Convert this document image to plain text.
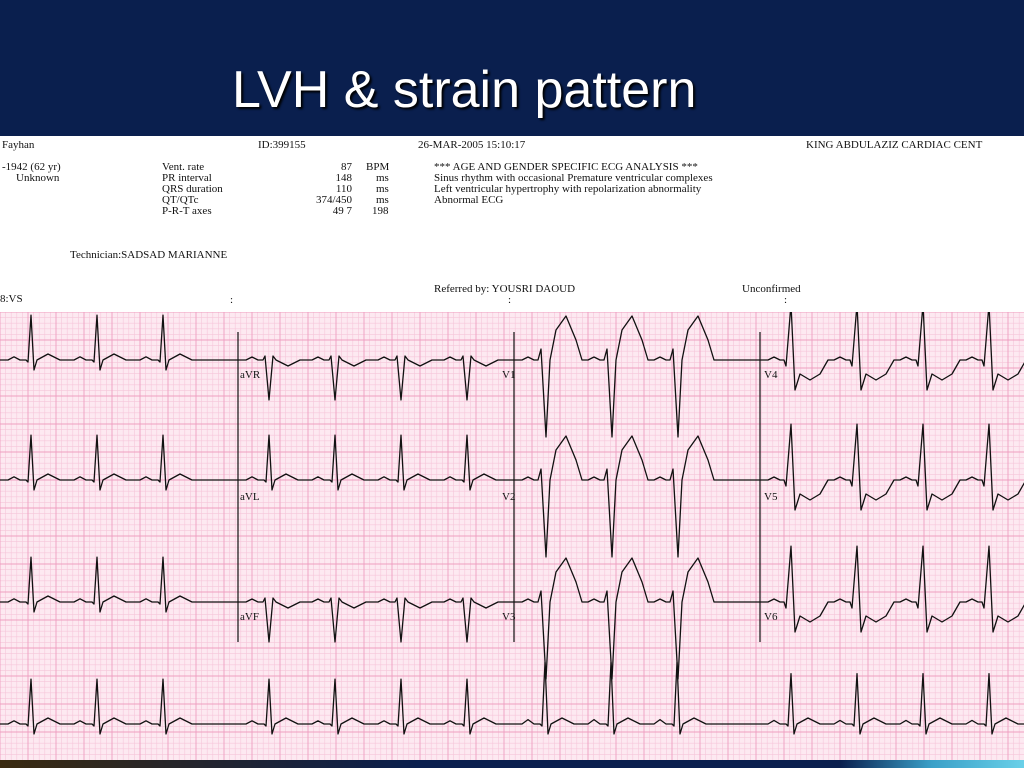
LVH & strain pattern
Fayhan	ID:399155	26-MAR-2005 15:10:17	KING ABDULAZIZ CARDIAC CENT
-1942 (62 yr)
Unknown
Vent. rate	87 BPM
PR interval	148 ms
QRS duration	110 ms
QT/QTc	374/450 ms
P-R-T axes	49 7 198
*** AGE AND GENDER SPECIFIC ECG ANALYSIS ***
Sinus rhythm with occasional Premature ventricular complexes
Left ventricular hypertrophy with repolarization abnormality
Abnormal ECG
Technician:SADSAD MARIANNE
Referred by: YOUSRI DAOUD	Unconfirmed
8:VS	:	:	:
aVR
aVL
aVF
V1
V2
V3
V4
V5
V6
